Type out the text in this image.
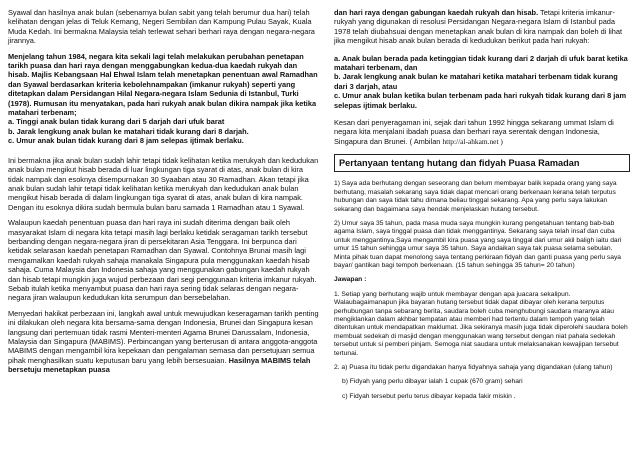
Syawal dan hasilnya anak bulan (sebenarnya bulan sabit yang telah berumur dua hari) telah kelihatan dengan jelas di Teluk Kemang, Negeri Sembilan dan Kampung Pulau Sayak, Kuala Muda Kedah. Ini bermakna Malaysia telah terlewat sehari berhari raya dengan negara-negara jirannya.

Menjelang tahun 1984, negara kita sekali lagi telah melakukan perubahan penetapan tarikh puasa dan hari raya dengan menggabungkan kedua-dua kaedah rukyah dan hisab. Majlis Kebangsaan Hal Ehwal Islam telah menetapkan penentuan awal Ramadhan dan Syawal berdasarkan kriteria kebolehnampakan (imkanur rukyah) seperti yang ditetapkan dalam Persidangan Hilal Negara-negara Islam Sedunia di Istanbul, Turki (1978). Rumusan itu menyatakan, pada hari rukyah anak bulan dikira nampak jika ketika matahari terbenam;

a. Tinggi anak bulan tidak kurang dari 5 darjah dari ufuk barat

b. Jarak lengkung anak bulan ke matahari tidak kurang dari 8 darjah.

c. Umur anak bulan tidak kurang dari 8 jam selepas ijtimak berlaku.

Ini bermakna jika anak bulan sudah lahir tetapi tidak kelihatan ketika merukyah dan kedudukan anak bulan mengikut hisab berada di luar lingkungan tiga syarat di atas, anak bulan di kira tidak nampak dan esoknya disempurnakan 30 Syaaban atau 30 Ramadhan. Akan tetapi jika anak bulan sudah lahir tetapi tidak kelihatan ketika merukyah dan kedudukan anak bulan mengikut hisab berada di dalam lingkungan tiga syarat di atas, anak bulan di kira nampak. Dengan itu esoknya dikira sudah bermula bulan baru samada 1 Ramadhan atau 1 Syawal.

Walaupun kaedah penentuan puasa dan hari raya ini sudah diterima dengan baik oleh masyarakat Islam di negara kita tetapi masih lagi berlaku ketidak seragaman tarikh tersebut berbanding dengan negara-negara jiran di persekitaran Asia Tenggara. Ini berpunca dari ketidak selarasan kaedah penetapan Ramadhan dan Syawal. Contohnya Brunai masih lagi mengamalkan kaedah rukyah sahaja manakala Singapura pula menggunakan kaedah hisab sahaja. Cuma Malaysia dan Indonesia sahaja yang menggunakan gabungan kaedah rukyah dan hisab tetapi mungkin juga wujud perbezaan dari segi penggunaan kriteria imkanur rukyah. Sebab itulah ketika menyambut puasa dan hari raya sering tidak selaras dengan negara-negara jiran walaupun kedudukan kita serumpun dan bersebelahan.

Menyedari hakikat perbezaan ini, langkah awal untuk mewujudkan keseragaman tarikh penting ini dilakukan oleh negara kita bersama-sama dengan Indonesia, Brunei dan Singapura kesan langsung dari pertemuan tidak rasmi Menteri-menteri Agama Brunei Darussalam, Indonesia, Malaysia dan Singapura (MABIMS). Perbincangan yang berterusan di antara anggota-anggota MABIMS dengan mengambil kira kepekaan dan pengalaman semasa dan persetujuan semua pihak menghasilkan suatu keputusan baru yang lebih bersesuaian. Hasilnya MABIMS telah bersetuju menetapkan puasa

dan hari raya dengan gabungan kaedah rukyah dan hisab. Tetapi kriteria imkanur-rukyah yang digunakan di resolusi Persidangan Negara-negara Islam di Istanbul pada 1978 telah diubahsuai dengan menetapkan anak bulan di kira nampak dan boleh di lihat jika mengikut hisab anak bulan berada di kedudukan berikut pada hari rukyah:

a. Anak bulan berada pada ketinggian tidak kurang dari 2 darjah di ufuk barat ketika matahari terbenam, dan

b. Jarak lengkung anak bulan ke matahari ketika matahari terbenam tidak kurang dari 3 darjah, atau

c. Umur anak bulan ketika bulan terbenam pada hari rukyah tidak kurang dari 8 jam selepas ijtimak berlaku.

Kesan dari penyeragaman ini, sejak dari tahun 1992 hingga sekarang ummat Islam di negara kita menjalani ibadah puasa dan berhari raya serentak dengan Indonesia, Singapura dan Brunei. ( Ambilan http://al-ahkam.net )

Pertanyaan tentang hutang dan fidyah Puasa Ramadan

1) Saya ada berhutang dengan seseorang dan belum membayar balik kepada orang yang saya berhutang, masalah sekarang saya tidak dapat mencari orang berkenaan kerana telah terputus hubungan dan saya tidak tahu dimana beliau tinggal sekarang. Apa yang perlu saya lakukan sekarang dan bagaimana saya hendak menjelaskan hutang tersebut.

2) Umur saya 35 tahun, pada masa muda saya mungkin kurang pengetahuan tentang bab-bab agama Islam, saya tinggal puasa dan tidak menggantinya. Sekarang saya telah insaf dan cuba untuk menggantinya.Saya mengambil kira puasa yang saya tinggal dari umur akil baligh iaitu dari umur 15 tahun sehingga umur saya 35 tahun. Saya andaikan saya tak puasa selama sebulan. Minta pihak tuan dapat menolong saya tentang perkiraan fidyah dan ganti puasa yang perlu saya bayar/ gantikan bagi tempoh berkenaan. (15 tahun sehingga 35 tahun= 20 tahun)

Jawapan :

1. Setiap yang berhutang wajib untuk membayar dengan apa juacara sekalipun. Walaubagaimanapun jika bayaran hutang tersebut tidak dapat dibayar oleh kerana terputus perhubungan tanpa sebarang berita, saudara boleh cuba menghubungi saudara maranya atau mengiklankan dalam akhbar tempatan atau memberi had tertentu dalam tempoh yang telah ditentukan untuk mendapatkan maklumat. Jika sekiranya masih juga tidak diperolehi saudara boleh membuat sedekah di masjid dengan menggunakan wang tersebut dengan niat pahala sedekah tersebut untuk si pemberi pinjam. Semoga niat saudara untuk melaksanakan kewajipan tersebut tertunai.

2. a) Puasa itu tidak perlu digandakan hanya fidyahnya sahaja yang digandakan (ulang tahun)

b) Fidyah yang perlu dibayar ialah 1 cupak (670 gram) sehari

c) Fidyah tersebut perlu terus dibayar kepada fakir miskin .
